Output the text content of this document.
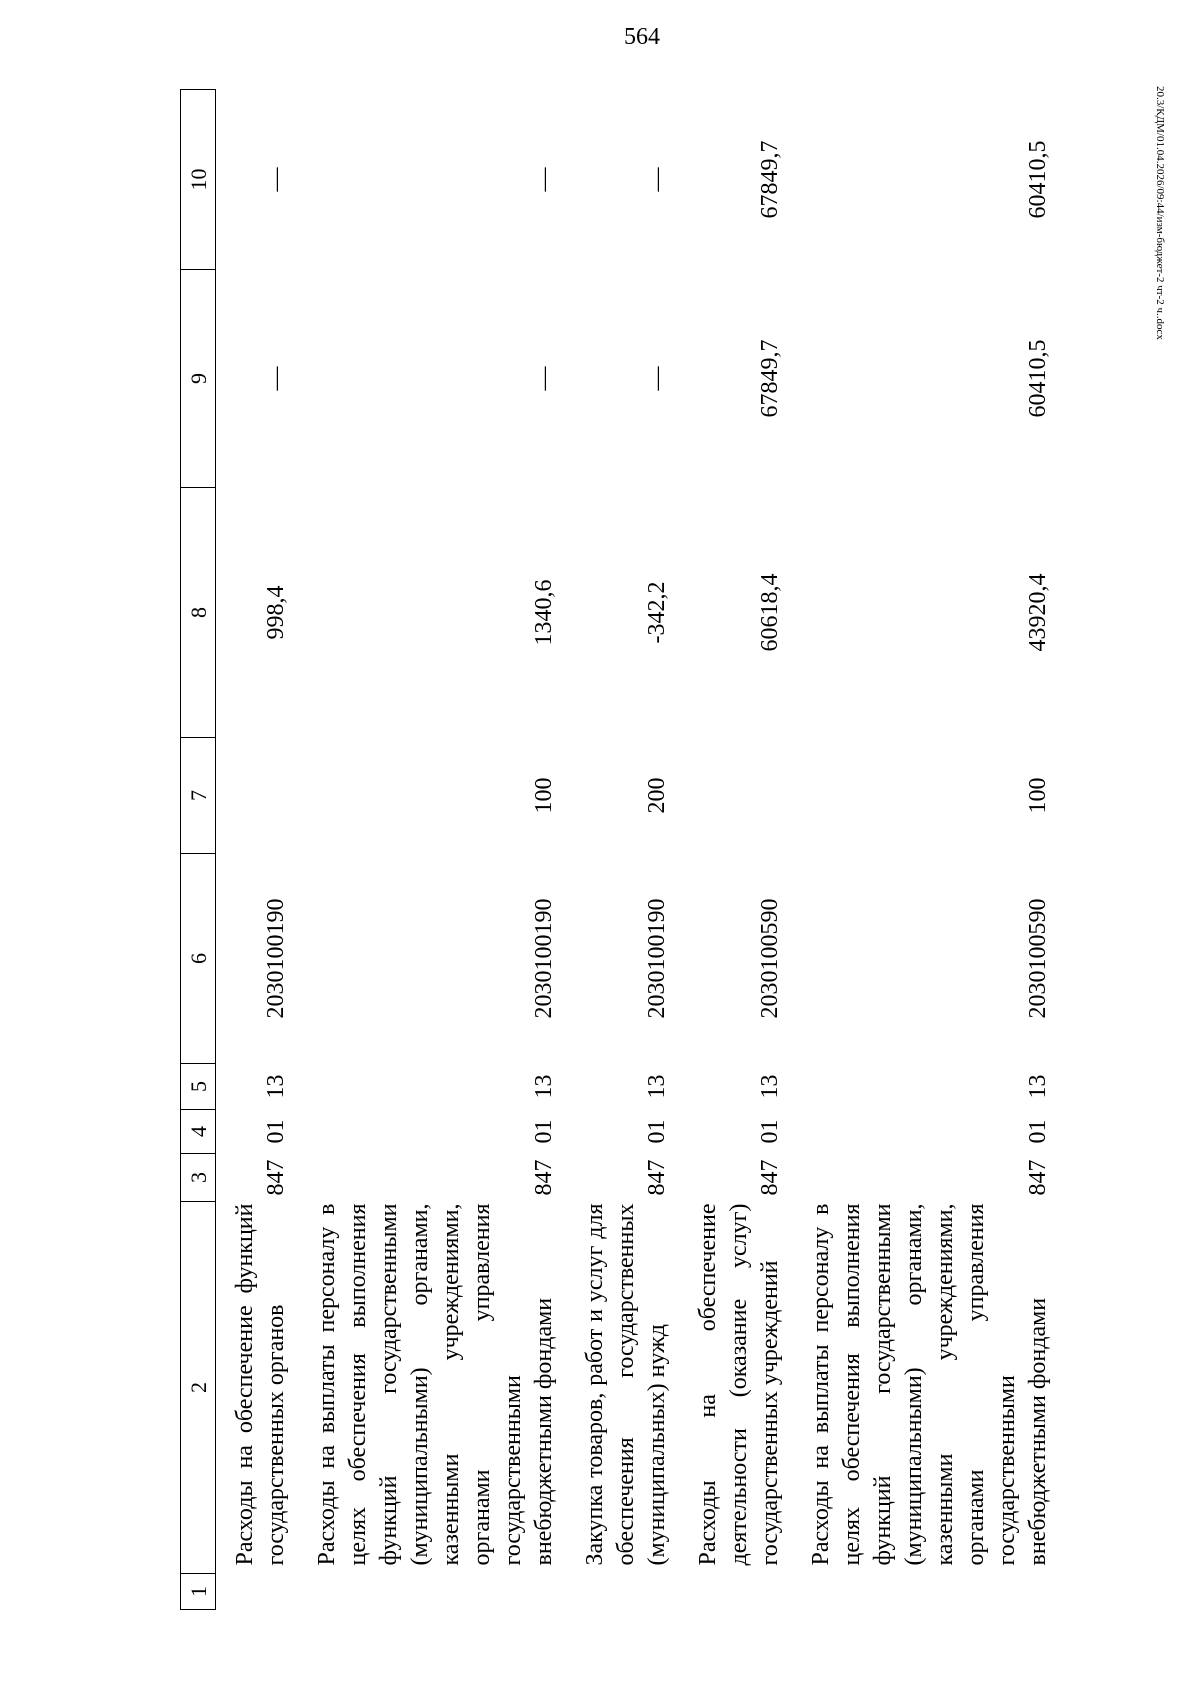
564
20.3/КДМ/01.04.2026/09:44/изм-бюджет-2 чт-2 ч..docx
1	2	3	4	5	6	7	8	9	10
	Расходы на обеспечение функций государственных органов	847	01	13	2030100190		998,4	—	—
	Расходы на выплаты персоналу в целях обеспечения выполнения функций государственными (муниципальными) органами, казенными учреждениями, органами управления государственными внебюджетными фондами	847	01	13	2030100190	100	1340,6	—	—
	Закупка товаров, работ и услуг для обеспечения государственных (муниципальных) нужд	847	01	13	2030100190	200	-342,2	—	—
	Расходы на обеспечение деятельности (оказание услуг) государственных учреждений	847	01	13	2030100590		60618,4	67849,7	67849,7
	Расходы на выплаты персоналу в целях обеспечения выполнения функций государственными (муниципальными) органами, казенными учреждениями, органами управления государственными внебюджетными фондами	847	01	13	2030100590	100	43920,4	60410,5	60410,5
